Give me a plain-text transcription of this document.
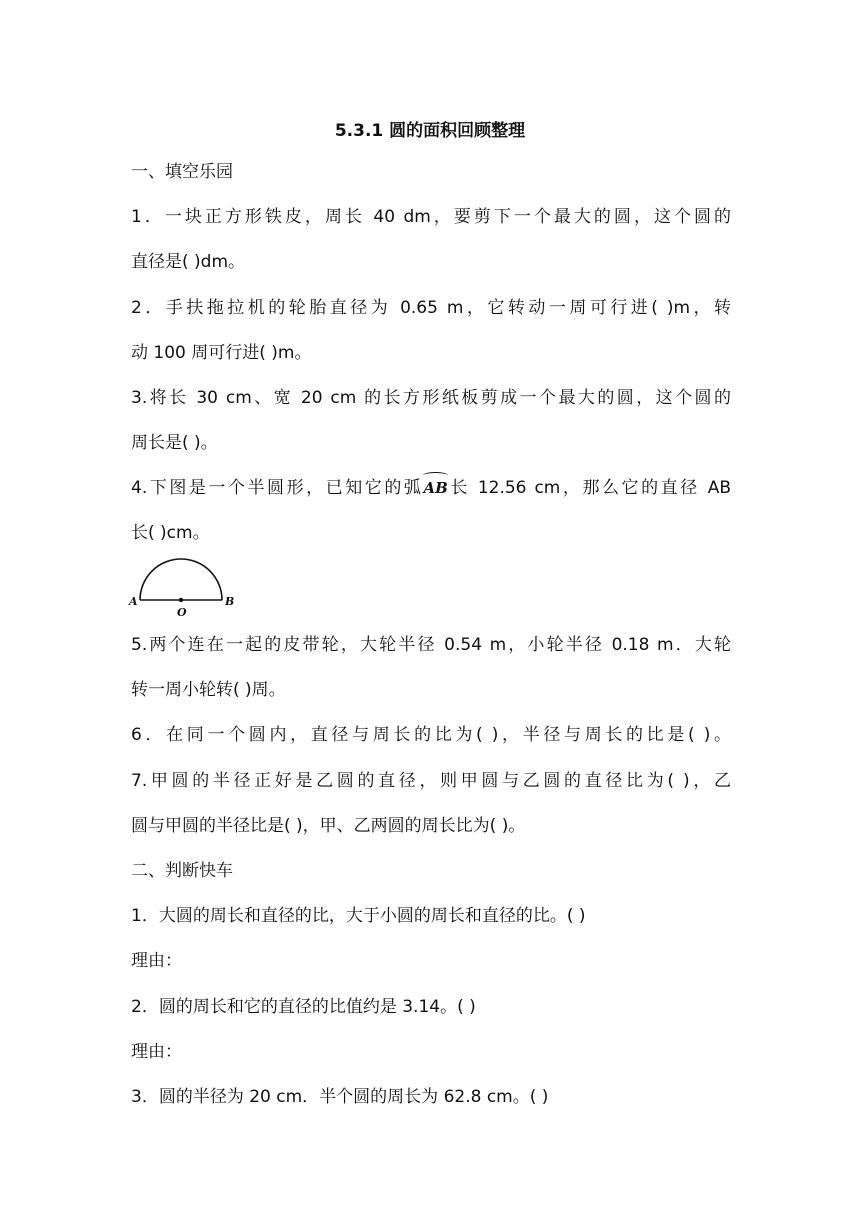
5.3.1 圆的面积回顾整理
一、填空乐园
1．一块正方形铁皮，周长 40 dm，要剪下一个最大的圆，这个圆的
直径是( )dm。
2．手扶拖拉机的轮胎直径为 0.65 m，它转动一周可行进( )m，转
动 100 周可行进( )m。
3.将长 30 cm、宽 20 cm 的长方形纸板剪成一个最大的圆，这个圆的
周长是( )。
4.下图是一个半圆形，已知它的弧AB长 12.56 cm，那么它的直径 AB
长( )cm。
A
O
B
5.两个连在一起的皮带轮，大轮半径 0.54 m，小轮半径 0.18 m．大轮
转一周小轮转( )周。
6．在同一个圆内，直径与周长的比为( )，半径与周长的比是( )。
7.甲圆的半径正好是乙圆的直径，则甲圆与乙圆的直径比为( )，乙
圆与甲圆的半径比是( )，甲、乙两圆的周长比为( )。
二、判断快车
1．大圆的周长和直径的比，大于小圆的周长和直径的比。( )
理由：
2．圆的周长和它的直径的比值约是 3.14。( )
理由：
3．圆的半径为 20 cm．半个圆的周长为 62.8 cm。( )
